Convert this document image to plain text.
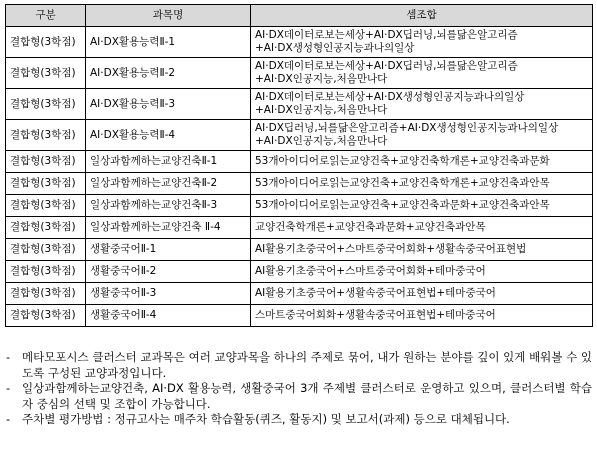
구분	과목명	셈조합
결합형(3학점)	AI·DX활용능력Ⅱ-1	AI·DX데이터로보는세상+AI·DX딥러닝,뇌를닮은알고리즘+AI·DX생성형인공지능과나의일상
결합형(3학점)	AI·DX활용능력Ⅱ-2	AI·DX데이터로보는세상+AI·DX딥러닝,뇌를닮은알고리즘+AI·DX인공지능,처음만나다
결합형(3학점)	AI·DX활용능력Ⅱ-3	AI·DX데이터로보는세상+AI·DX생성형인공지능과나의일상+AI·DX인공지능,처음만나다
결합형(3학점)	AI·DX활용능력Ⅱ-4	AI·DX딥러닝,뇌를닮은알고리즘+AI·DX생성형인공지능과나의일상+AI·DX인공지능,처음만나다
결합형(3학점)	일상과함께하는교양건축Ⅱ-1	53개아이디어로읽는교양건축+교양건축학개론+교양건축과문화
결합형(3학점)	일상과함께하는교양건축Ⅱ-2	53개아이디어로읽는교양건축+교양건축학개론+교양건축과안목
결합형(3학점)	일상과함께하는교양건축Ⅱ-3	53개아이디어로읽는교양건축+교양건축과문화+교양건축과안목
결합형(3학점)	일상과함께하는교양건축 Ⅱ-4	교양건축학개론+교양건축과문화+교양건축과안목
결합형(3학점)	생활중국어Ⅱ-1	AI활용기초중국어+스마트중국어회화+생활속중국어표현법
결합형(3학점)	생활중국어Ⅱ-2	AI활용기초중국어+스마트중국어회화+테마중국어
결합형(3학점)	생활중국어Ⅱ-3	AI활용기초중국어+생활속중국어표현법+테마중국어
결합형(3학점)	생활중국어Ⅱ-4	스마트중국어회화+생활속중국어표현법+테마중국어
- 메타모포시스 클러스터 교과목은 여러 교양과목을 하나의 주제로 묶어, 내가 원하는 분야를 깊이 있게 배워볼 수 있도록 구성된 교양과정입니다.
- 일상과함께하는교양건축, AI·DX 활용능력, 생활중국어 3개 주제별 클러스터로 운영하고 있으며, 클러스터별 학습자 중심의 선택 및 조합이 가능합니다.
- 주차별 평가방법 : 정규고사는 매주차 학습활동(퀴즈, 활동지) 및 보고서(과제) 등으로 대체됩니다.
